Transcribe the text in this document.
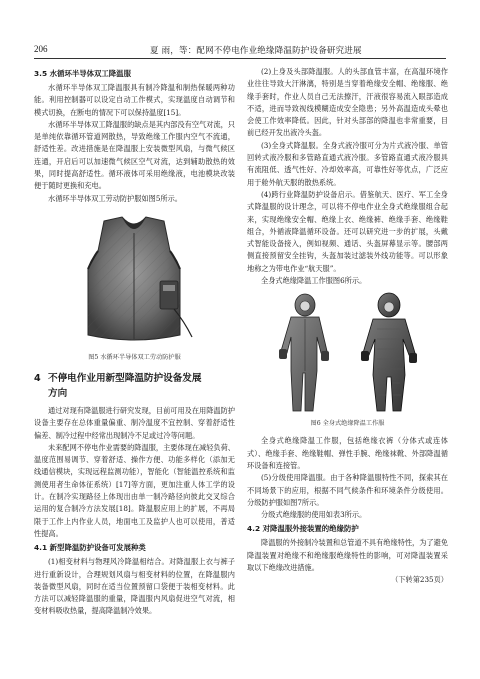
206	夏 雨，等：配网不停电作业绝缘降温防护设备研究进展
3.5 水循环半导体双工降温服

水循环半导体双工降温服具有制冷降温和制热保暖两种功能。利用控制器可以设定自动工作模式，实现温度自动调节和模式切换，在断电的情况下可以保持温度[15]。

水循环半导体双工降温服的缺点是其内部没有空气对流，只是单纯依靠循环管道网散热，导致绝缘工作服内空气不流通，舒适性差。改进措施是在降温服上安装微型风扇，与微气候区连通，开启后可以加速微气候区空气对流，达到辅助散热的效果，同时提高舒适性。循环液体可采用绝缘液，电池模块改装便于随时更换和充电。

水循环半导体双工劳动防护服如图5所示。

图5 水循环半导体双工劳动防护服
4 不停电作业用新型降温防护设备发展
方向

通过对现有降温服进行研究发现，目前可用及在用降温防护设备主要存在总体重量偏重、制冷温度不宜控制、穿着舒适性偏差、制冷过程中经常出现制冷不足或过冷等问题。

未来配网不停电作业需要的降温服，主要体现在减轻负荷、温度范围易调节、穿着舒适、操作方便、功能多样化（添加无线通信模块，实现远程监测功能），智能化（智能温控系统和监测使用者生命体征系统）[17]等方面，更加注重人体工学的设计。在制冷实现路径上体现出由单一制冷路径向彼此交叉综合运用的复合制冷方法发展[18]。降温服应用上的扩展，不再局限于工作上内作业人员，地面电工及监护人也可以使用，普适性提高。

4.1 新型降温防护设备可发展种类

(1)相变材料与物理风冷降温相结合。对降温服上衣与裤子进行重新设计，合理规划风扇与相变材料的位置，在降温服内装备微型风扇，同时在适当位置预留口袋便于装相变材料。此方法可以减轻降温服的重量，降温服内风扇促进空气对流，相变材料吸收热量，提高降温制冷效果。

(2)上身及头部降温服。人的头部血管丰富，在高温环境作业往往导致大汗淋漓，特别是当穿着绝缘安全帽、绝缘服、绝缘手套时，作业人员自己无法擦汗，汗液很容易流入眼部造成不适，进而导致视线模糊造成安全隐患；另外高温造成头晕也会使工作效率降低。因此，针对头部部的降温也非常重要，目前已经开发出液冷头盔。

(3)全身式降温服。全身式液冷服可分为片式液冷服、单管回转式液冷服和多管路直通式液冷服。多管路直通式液冷服具有流阻低、透气性好、冷却效率高，可靠性好等优点，广泛应用于舱外航天服的散热系统。

(4)跨行业降温防护设备启示。借鉴航天、医疗、军工全身式降温服的设计理念，可以将不停电作业全身式绝缘服组合起来，实现绝缘安全帽、绝缘上衣、绝缘裤、绝缘手套、绝缘鞋组合，外循液降温循环设备。还可以研究进一步的扩展，头戴式智能设备接入，例如视频、通话、头盔屏幕显示等。腰部两侧直接预留安全挂钩，头盔加装过滤装外线功能等。可以形象地称之为带电作业“航天服”。

全身式绝缘降温工作服图6所示。

图6 全身式绝缘降温工作服

全身式绝缘降温工作服，包括绝缘衣裤（分体式或连体式）、绝缘手套、绝缘鞋帽、弹性手腕、绝缘袜靴、外部降温循环设备和连接管。

(5)分级使用降温服。由于各种降温服特性不同，探索其在不同场景下的应用，根据不同气候条件和环境条件分级使用。分级防护服如图7所示。

分级式绝缘服的使用如表3所示。

4.2 对降温服外接装置的绝缘防护

降温服的外接制冷装置和总管道不具有绝缘特性，为了避免降温装置对绝缘不和绝缘服绝缘特性的影响，可对降温装置采取以下绝缘改进措施。

（下转第235页）
